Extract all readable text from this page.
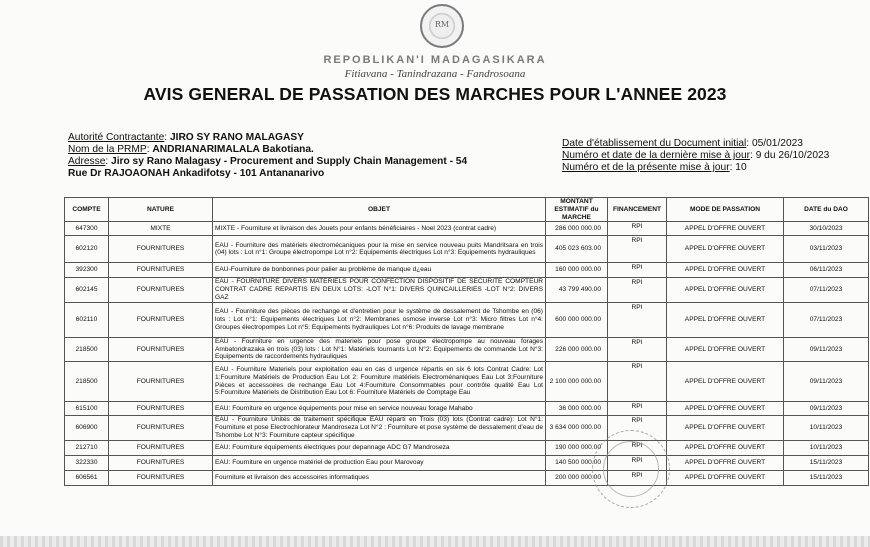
RM
REPOBLIKAN'I MADAGASIKARA
Fitiavana - Tanindrazana - Fandrosoana
AVIS GENERAL DE PASSATION DES MARCHES POUR L'ANNEE 2023
Autorité Contractante: JIRO SY RANO MALAGASY
Nom de la PRMP: ANDRIANARIMALALA Bakotiana.
Adresse: Jiro sy Rano Malagasy - Procurement and Supply Chain Management - 54
Rue Dr RAJOAONAH Ankadifotsy - 101 Antananarivo
Date d'établissement du Document initial: 05/01/2023
Numéro et date de la dernière mise à jour: 9 du 26/10/2023
Numéro et de la présente mise à jour: 10
COMPTE	NATURE	OBJET	MONTANT ESTIMATIF du MARCHE	FINANCEMENT	MODE DE PASSATION	DATE du DAO
647300	MIXTE	MIXTE - Fourniture et livraison des Jouets pour enfants bénéficiaires - Noel 2023 (contrat cadre)	286 000 000.00	RPI	APPEL D'OFFRE OUVERT	30/10/2023
602120	FOURNITURES	EAU - Fourniture des matériels électromécaniques pour la mise en service nouveau puits Mandritsara en trois (04) lots : Lot n°1: Groupe électropompe Lot n°2: Equipements électriques Lot n°3: Equipements hydrauliques	405 023 603.00	RPI	APPEL D'OFFRE OUVERT	03/11/2023
392300	FOURNITURES	EAU-Fourniture de bonbonnes pour palier au problème de manque d¿eau	160 000 000.00	RPI	APPEL D'OFFRE OUVERT	06/11/2023
602145	FOURNITURES	EAU - FOURNITURE DIVERS MATERIELS POUR CONFECTION DISPOSITIF DE SECURITE COMPTEUR CONTRAT CADRE REPARTIS EN DEUX LOTS: -LOT N°1: DIVERS QUINCAILLERIES -LOT N°2: DIVERS GAZ	43 799 490.00	RPI	APPEL D'OFFRE OUVERT	07/11/2023
602110	FOURNITURES	EAU - Fourniture des pièces de rechange et d'entretien pour le système de dessalement de Tshombe en (06) lots : Lot n°1: Equipements électriques Lot n°2: Membranes osmose inverse Lot n°3: Micro filtres Lot n°4: Groupes électropompes Lot n°5: Equipements hydrauliques Lot n°6: Produits de lavage membrane	600 000 000.00	RPI	APPEL D'OFFRE OUVERT	07/11/2023
218500	FOURNITURES	EAU - Fourniture en urgence des materiels pour pose groupe électropompe au nouveau forages Ambatondrazaka en trois (03) lots : Lot N°1: Matériels tournants Lot N°2: Equipements de commande Lot N°3: Equipements de raccordements hydrauliques	226 000 000.00	RPI	APPEL D'OFFRE OUVERT	09/11/2023
218500	FOURNITURES	EAU - Fourniture Materiels pour exploitation eau en cas d urgence répartis en six 6 lots Contrat Cadre: Lot 1:Fourniture Matériels de Production Eau Lot 2: Fourniture matériels Electroménaniques Eau Lot 3:Fourniture Pièces et accessoires de rechange Eau Lot 4:Fourniture Consommables pour contrôle qualité Eau Lot 5:Fourniture Matériels de Distribution Eau Lot 6: Fourniture Matériels de Comptage Eau	2 100 000 000.00	RPI	APPEL D'OFFRE OUVERT	09/11/2023
615100	FOURNITURES	EAU: Fourniture en urgence équipements pour mise en service nouveau forage Mahabo	36 000 000.00	RPI	APPEL D'OFFRE OUVERT	09/11/2023
606900	FOURNITURES	EAU - Fourniture Unités de traitement spécifique EAU réparti en Trois (03) lots (Contrat cadre): Lot N°1: Fourniture et pose Electrochlorateur Mandroseza Lot N°2 : Fourniture et pose système de dessalement d'eau de Tshombe Lot N°3: Fourniture capteur spécifique	3 634 000 000.00	RPI	APPEL D'OFFRE OUVERT	10/11/2023
212710	FOURNITURES	EAU: Fourniture équipements électriques pour depannage ADC G7 Mandroseza	190 000 000.00	RPI	APPEL D'OFFRE OUVERT	10/11/2023
322330	FOURNITURES	EAU: Fourniture en urgence matériel de production Eau pour Marovoay	140 500 000.00	RPI	APPEL D'OFFRE OUVERT	15/11/2023
606561	FOURNITURES	Fourniture et livraison des accessoires informatiques	200 000 000.00	RPI	APPEL D'OFFRE OUVERT	15/11/2023
